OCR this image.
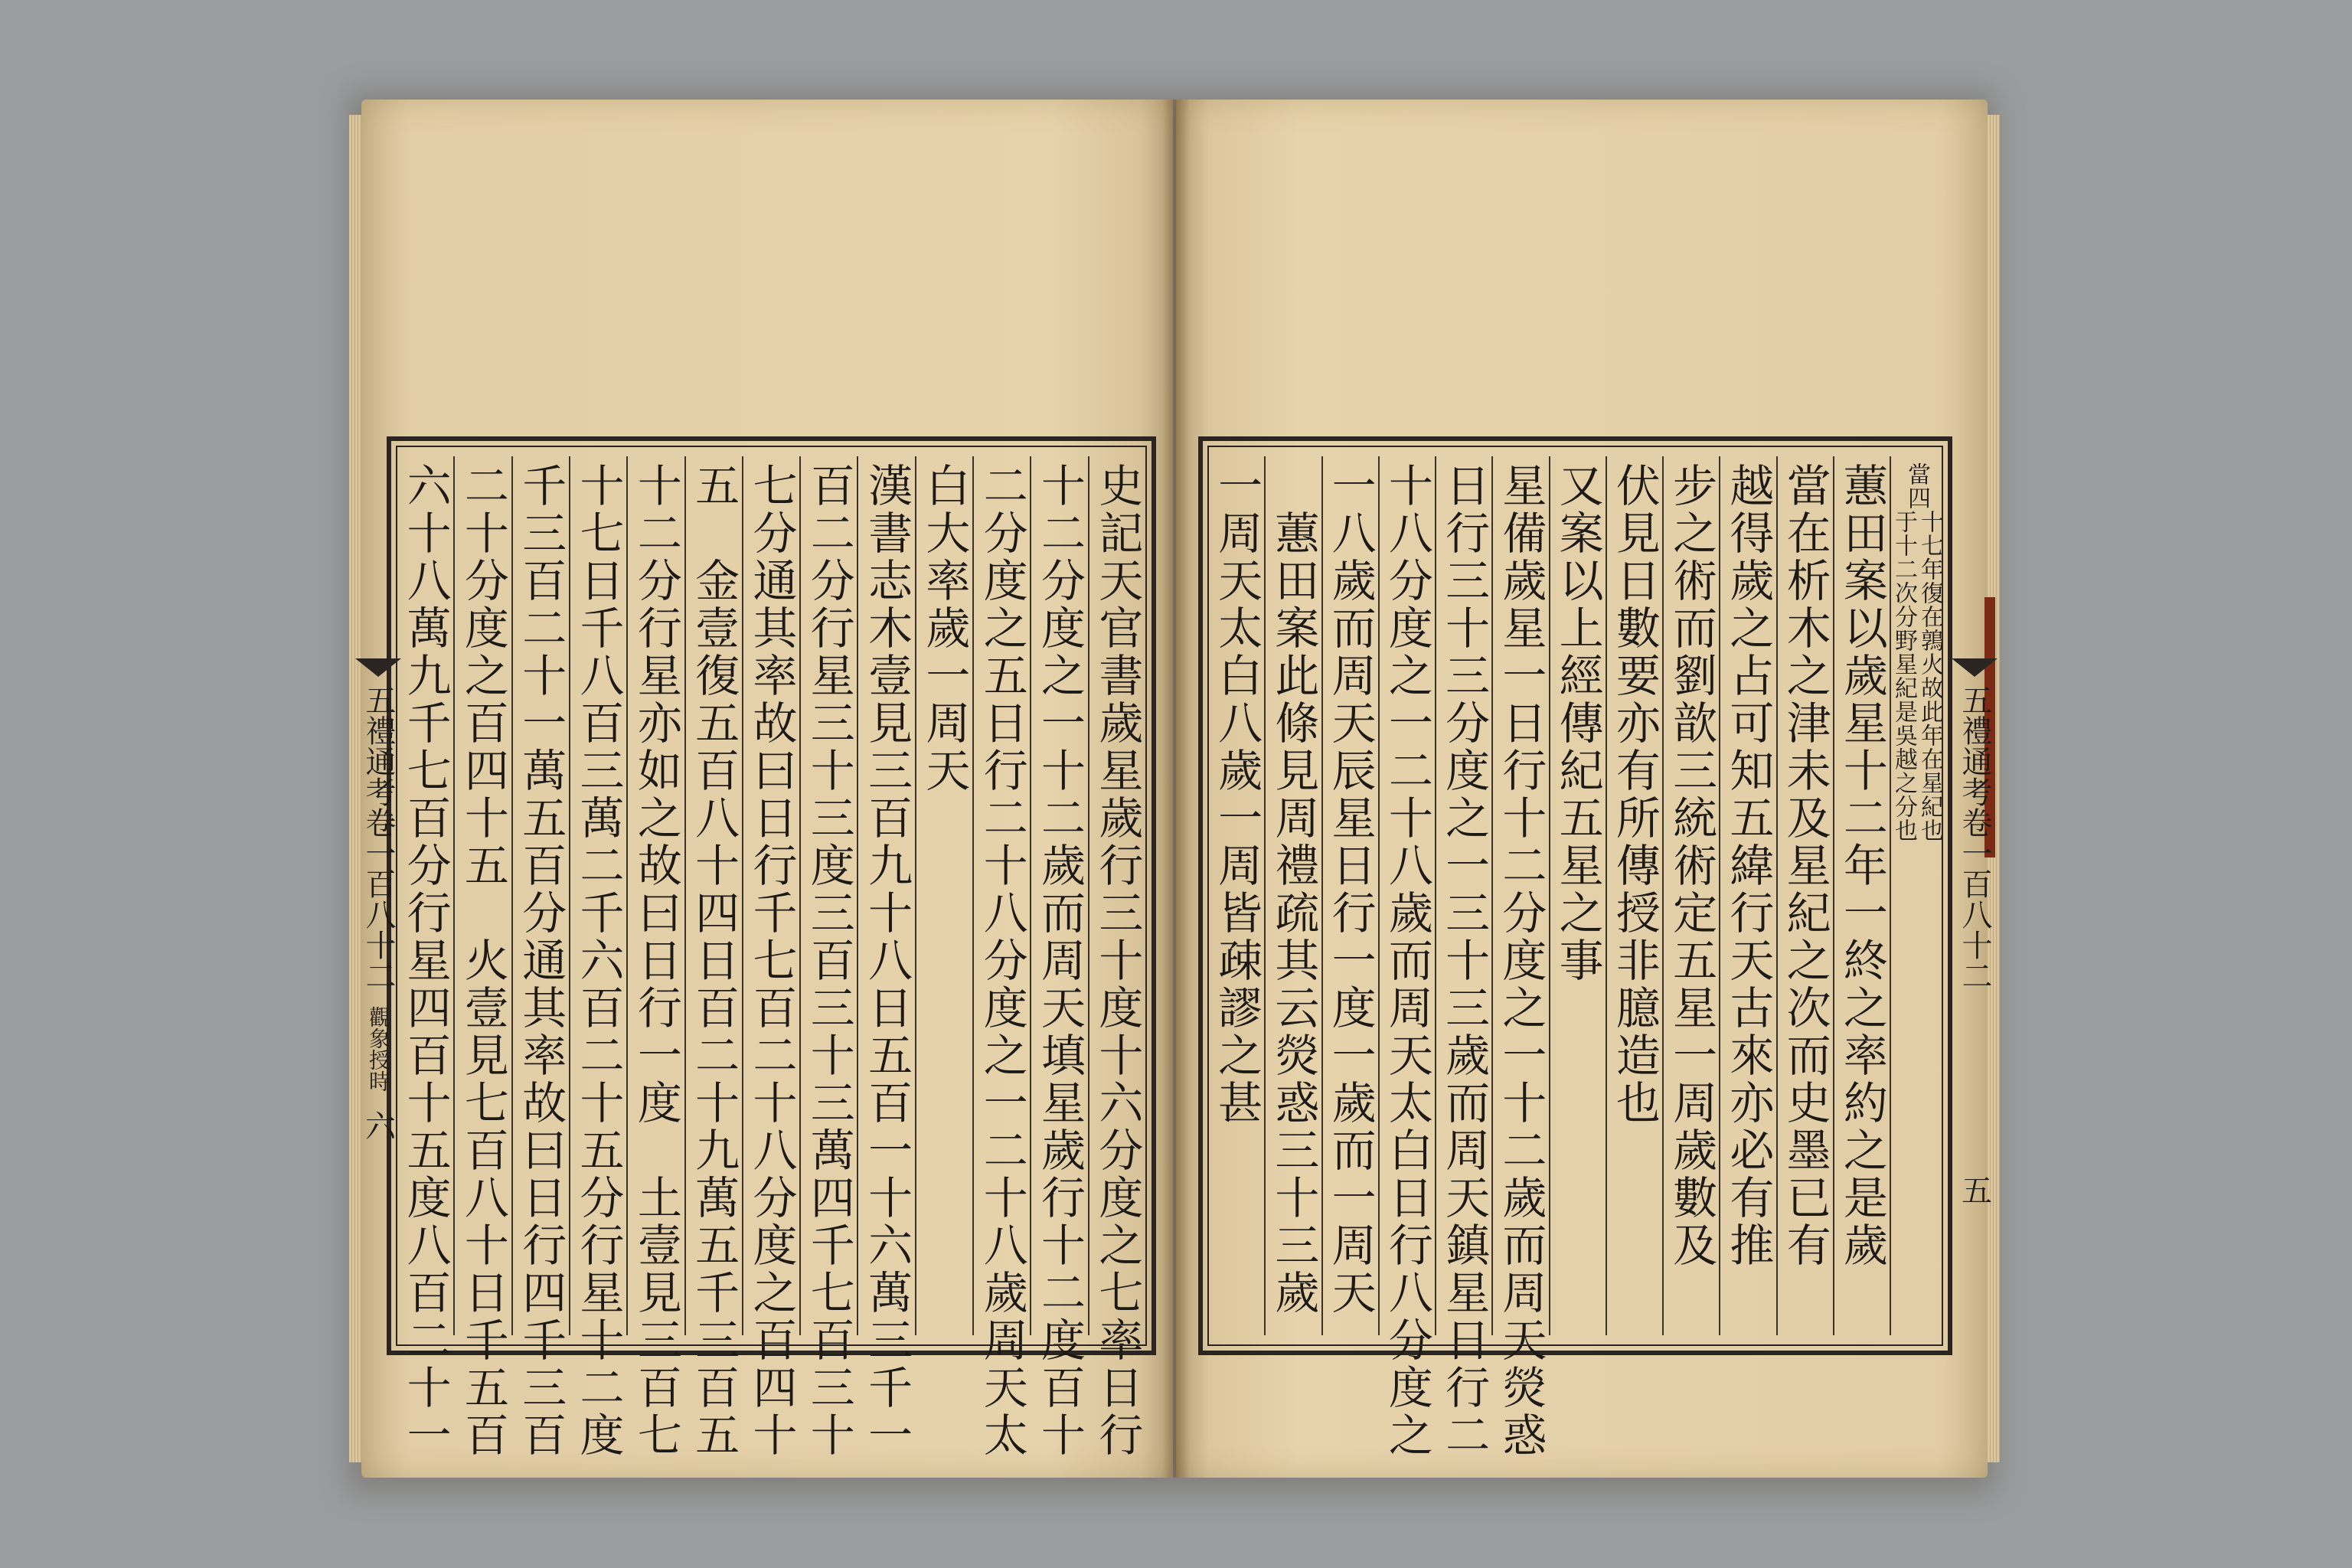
史記天官書歲星歲行三十度十六分度之七率日行
十二分度之一十二歲而周天填星歲行十二度百十
二分度之五日行二十八分度之一二十八歲周天太
白大率歲一周天
漢書志木壹見三百九十八日五百一十六萬三千一
百二分行星三十三度三百三十三萬四千七百三十
七分通其率故曰日行千七百二十八分度之百四十
五　金壹復五百八十四日百二十九萬五千三百五
十二分行星亦如之故曰日行一度　土壹見三百七
十七日千八百三萬二千六百二十五分行星十二度
千三百二十一萬五百分通其率故曰日行四千三百
二十分度之百四十五　火壹見七百八十日千五百
六十八萬九千七百分行星四百十五度八百二十一
五禮通考卷一百八十二
觀象授時
六
當四
十七年復在鶉火故此年在星紀也
于十二次分野星紀是吳越之分也
蕙田案以歲星十二年一終之率約之是歲
當在析木之津未及星紀之次而史墨已有
越得歲之占可知五緯行天古來亦必有推
步之術而劉歆三統術定五星一周歲數及
伏見日數要亦有所傳授非臆造也
又案以上經傳紀五星之事
星備歲星一日行十二分度之一十二歲而周天熒惑
日行三十三分度之一三十三歲而周天鎮星日行二
十八分度之一二十八歲而周天太白日行八分度之
一八歲而周天辰星日行一度一歲而一周天
　蕙田案此條見周禮疏其云熒惑三十三歲
一周天太白八歲一周皆疎謬之甚	五禮通考卷一百八十二
五
